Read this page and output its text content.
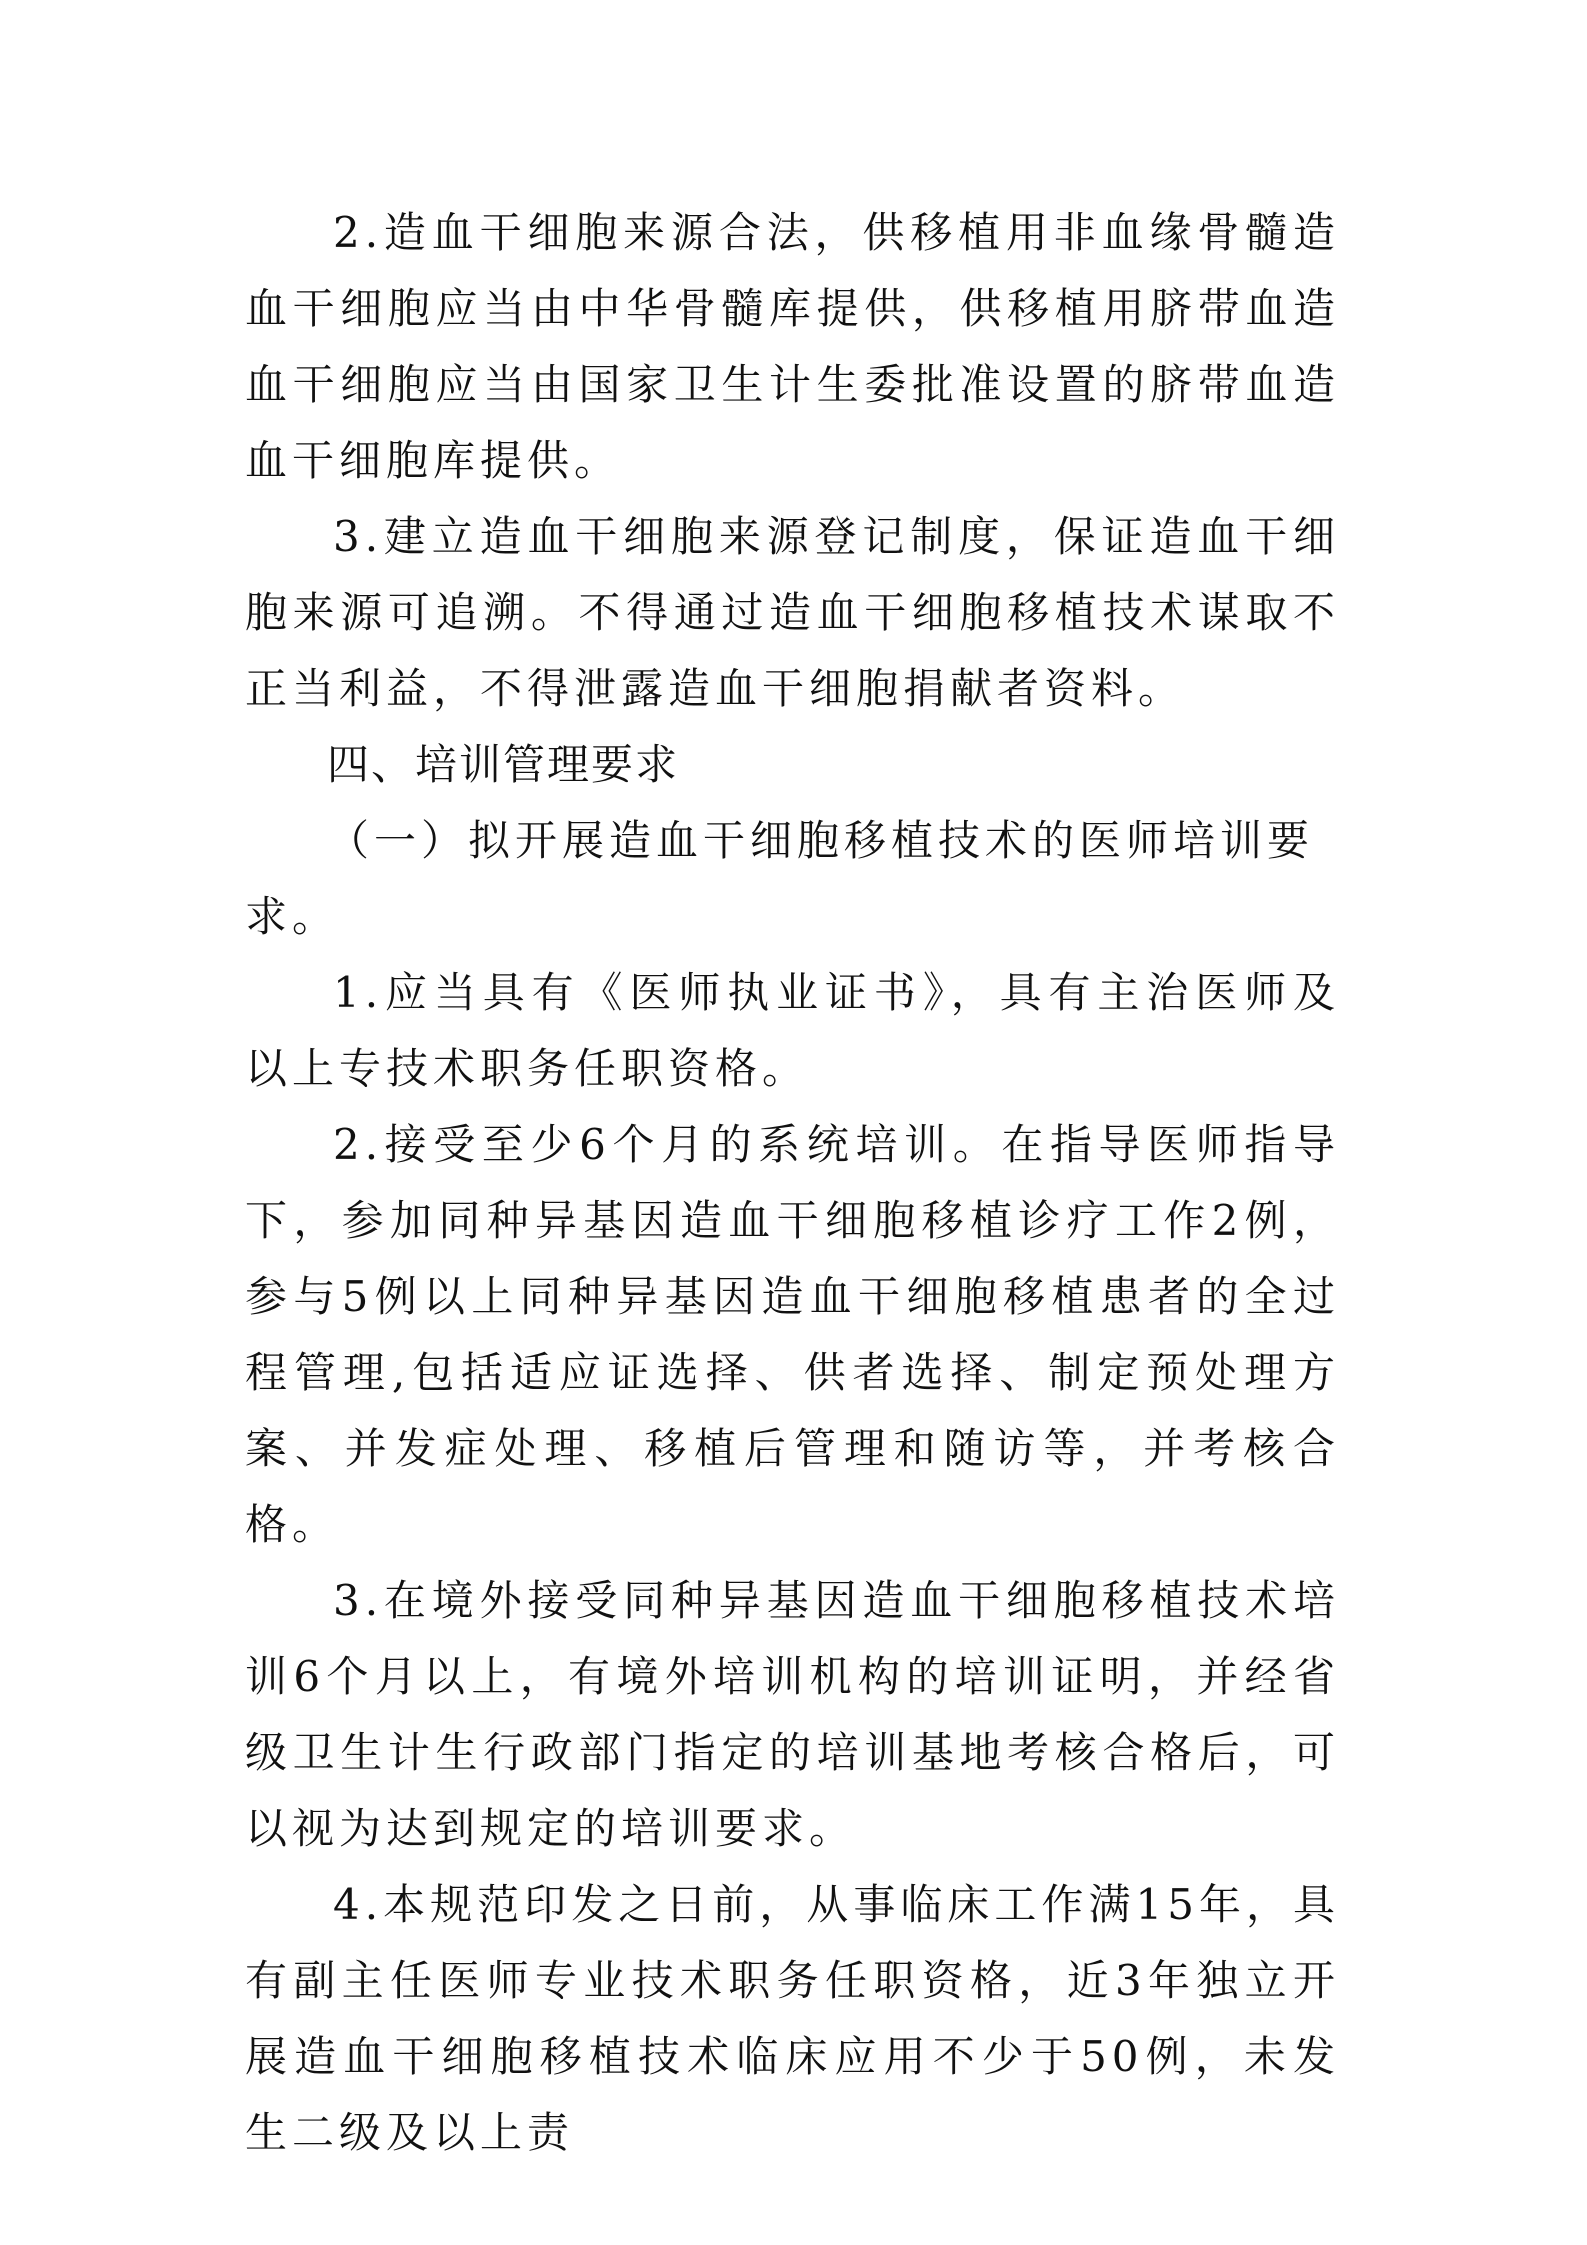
2.造血干细胞来源合法，供移植用非血缘骨髓造血干细胞应当由中华骨髓库提供，供移植用脐带血造血干细胞应当由国家卫生计生委批准设置的脐带血造血干细胞库提供。

3.建立造血干细胞来源登记制度，保证造血干细胞来源可追溯。不得通过造血干细胞移植技术谋取不正当利益，不得泄露造血干细胞捐献者资料。

四、培训管理要求

（一）拟开展造血干细胞移植技术的医师培训要求。

1.应当具有《医师执业证书》，具有主治医师及以上专技术职务任职资格。

2.接受至少6个月的系统培训。在指导医师指导下，参加同种异基因造血干细胞移植诊疗工作2例，参与5例以上同种异基因造血干细胞移植患者的全过程管理,包括适应证选择、供者选择、制定预处理方案、并发症处理、移植后管理和随访等，并考核合格。

3.在境外接受同种异基因造血干细胞移植技术培训6个月以上，有境外培训机构的培训证明，并经省级卫生计生行政部门指定的培训基地考核合格后，可以视为达到规定的培训要求。

4.本规范印发之日前，从事临床工作满15年，具有副主任医师专业技术职务任职资格，近3年独立开展造血干细胞移植技术临床应用不少于50例，未发生二级及以上责
